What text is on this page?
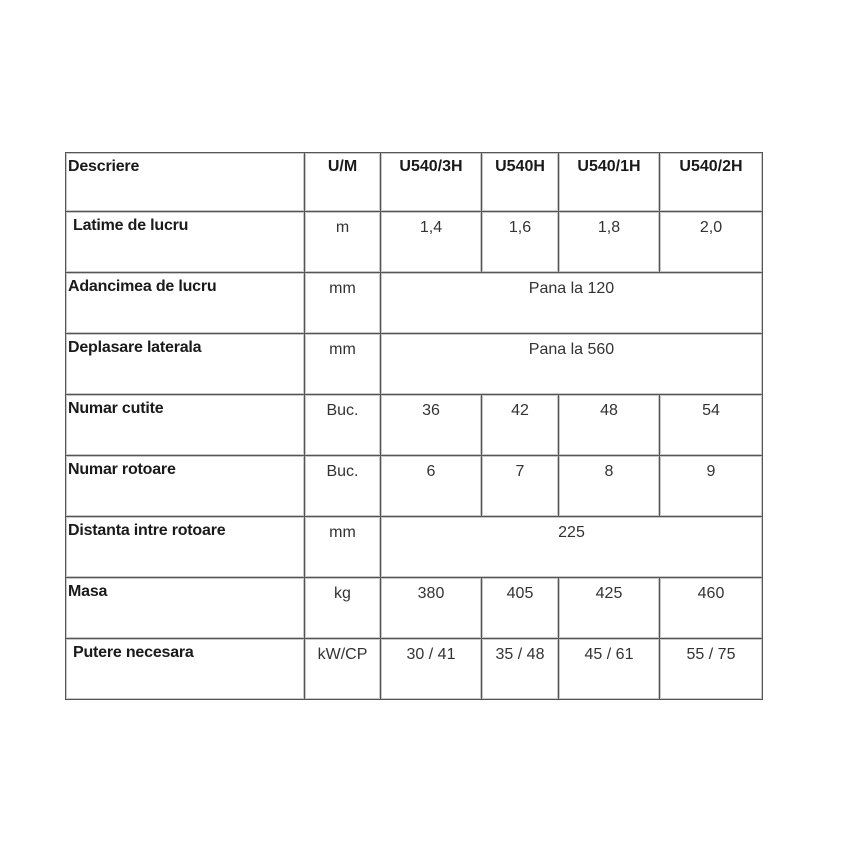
Descriere	U/M	U540/3H	U540H	U540/1H	U540/2H
Latime de lucru	m	1,4	1,6	1,8	2,0
Adancimea de lucru	mm	Pana la 120			
Deplasare laterala	mm	Pana la 560			
Numar cutite	Buc.	36	42	48	54
Numar rotoare	Buc.	6	7	8	9
Distanta intre rotoare	mm	225			
Masa	kg	380	405	425	460
Putere necesara	kW/CP	30 / 41	35 / 48	45 / 61	55 / 75
